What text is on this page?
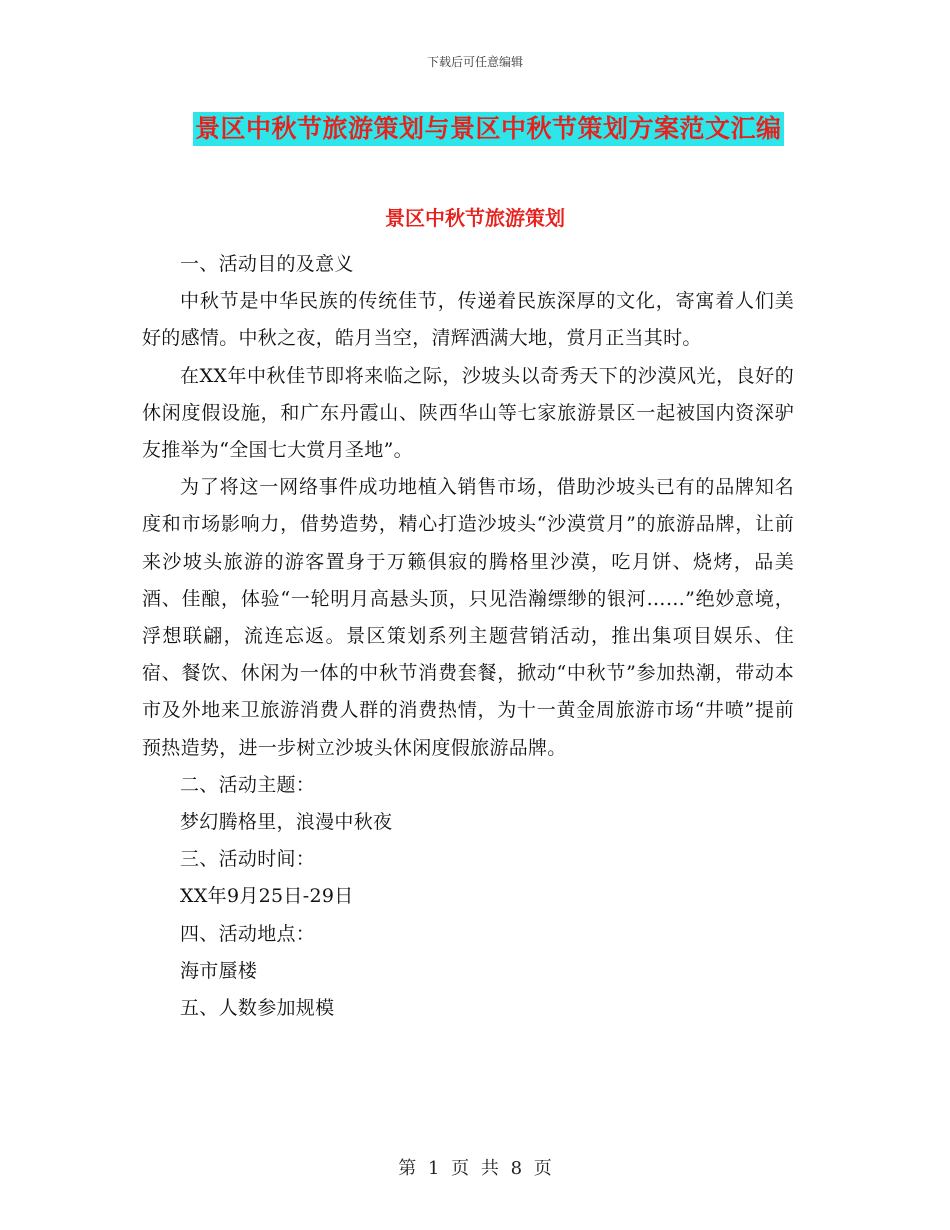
下载后可任意编辑
景区中秋节旅游策划与景区中秋节策划方案范文汇编
景区中秋节旅游策划

一、活动目的及意义

中秋节是中华民族的传统佳节，传递着民族深厚的文化，寄寓着人们美好的感情。中秋之夜，皓月当空，清辉洒满大地，赏月正当其时。

在XX年中秋佳节即将来临之际，沙坡头以奇秀天下的沙漠风光，良好的休闲度假设施，和广东丹霞山、陕西华山等七家旅游景区一起被国内资深驴友推举为“全国七大赏月圣地”。

为了将这一网络事件成功地植入销售市场，借助沙坡头已有的品牌知名度和市场影响力，借势造势，精心打造沙坡头“沙漠赏月”的旅游品牌，让前来沙坡头旅游的游客置身于万籁俱寂的腾格里沙漠，吃月饼、烧烤，品美酒、佳酿，体验“一轮明月高悬头顶，只见浩瀚缥缈的银河……”绝妙意境，浮想联翩，流连忘返。景区策划系列主题营销活动，推出集项目娱乐、住宿、餐饮、休闲为一体的中秋节消费套餐，掀动“中秋节”参加热潮，带动本市及外地来卫旅游消费人群的消费热情，为十一黄金周旅游市场“井喷”提前预热造势，进一步树立沙坡头休闲度假旅游品牌。

二、活动主题：

梦幻腾格里，浪漫中秋夜

三、活动时间：

XX年9月25日-29日

四、活动地点：

海市蜃楼

五、人数参加规模

第 1 页 共 8 页
